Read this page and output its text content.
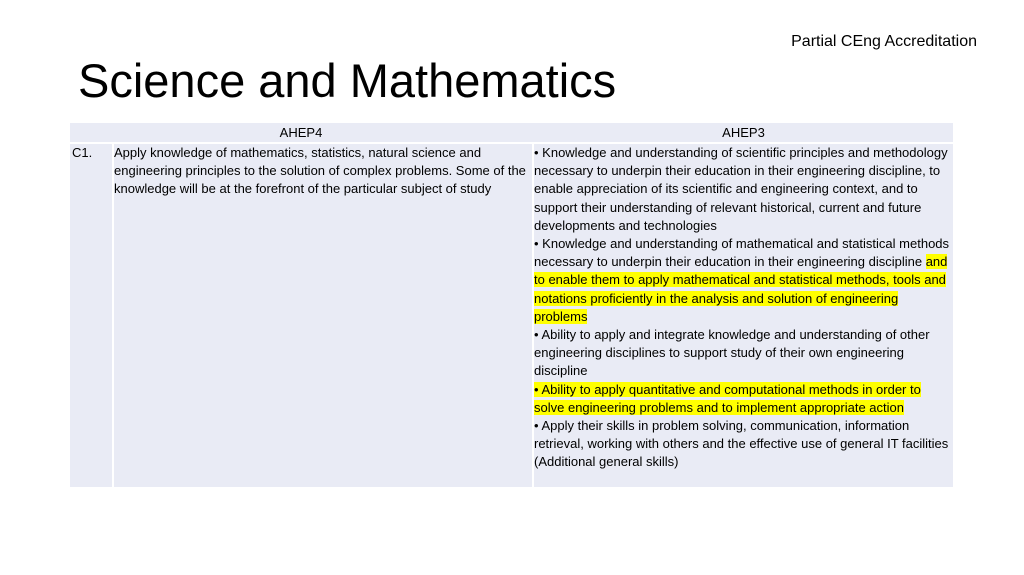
Partial CEng Accreditation
Science and Mathematics
AHEP4	AHEP3
C1.	Apply knowledge of mathematics, statistics, natural science and engineering principles to the solution of complex problems. Some of the knowledge will be at the forefront of the particular subject of study

• Knowledge and understanding of scientific principles and methodology necessary to underpin their education in their engineering discipline, to enable appreciation of its scientific and engineering context, and to support their understanding of relevant historical, current and future developments and technologies

• Knowledge and understanding of mathematical and statistical methods necessary to underpin their education in their engineering discipline and to enable them to apply mathematical and statistical methods, tools and notations proficiently in the analysis and solution of engineering problems

• Ability to apply and integrate knowledge and understanding of other engineering disciplines to support study of their own engineering discipline

• Ability to apply quantitative and computational methods in order to solve engineering problems and to implement appropriate action

• Apply their skills in problem solving, communication, information retrieval, working with others and the effective use of general IT facilities (Additional general skills)
